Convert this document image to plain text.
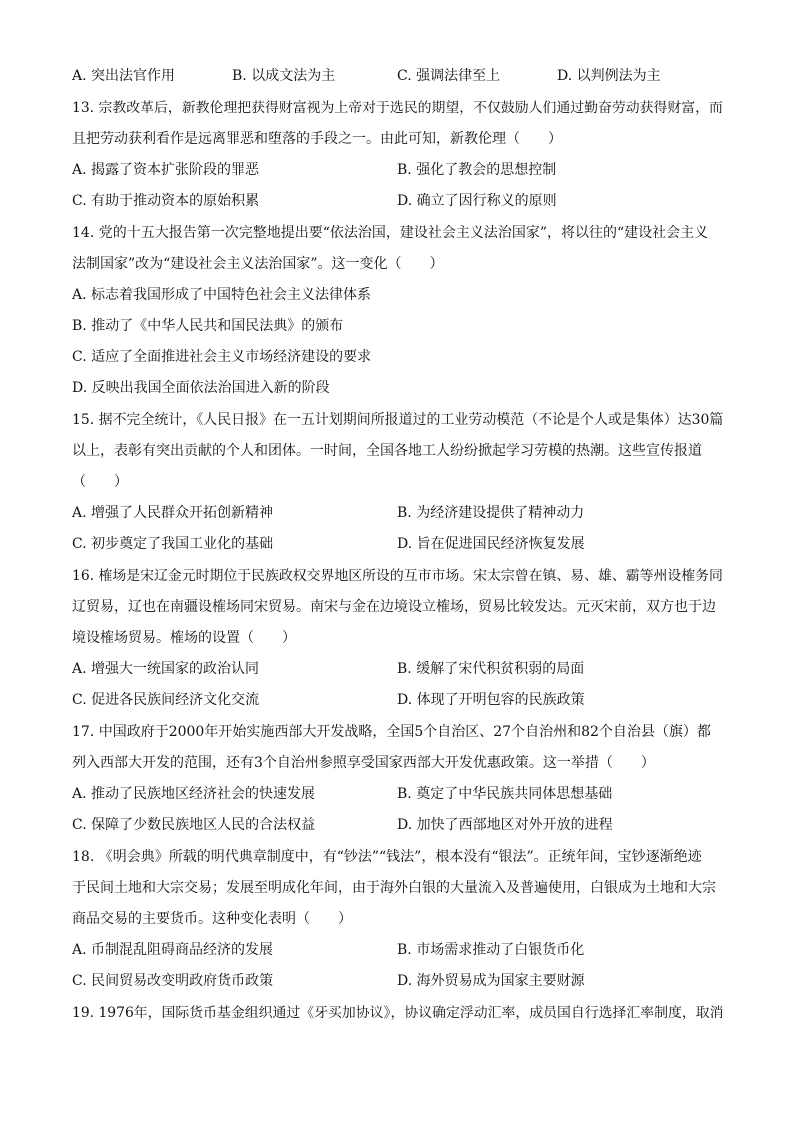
A. 突出法官作用	B. 以成文法为主	C. 强调法律至上	D. 以判例法为主
13. 宗教改革后，新教伦理把获得财富视为上帝对于选民的期望，不仅鼓励人们通过勤奋劳动获得财富，而
且把劳动获利看作是远离罪恶和堕落的手段之一。由此可知，新教伦理（　　）
A. 揭露了资本扩张阶段的罪恶	B. 强化了教会的思想控制
C. 有助于推动资本的原始积累	D. 确立了因行称义的原则
14. 党的十五大报告第一次完整地提出要“依法治国，建设社会主义法治国家”，将以往的“建设社会主义
法制国家”改为“建设社会主义法治国家”。这一变化（　　）
A. 标志着我国形成了中国特色社会主义法律体系
B. 推动了《中华人民共和国民法典》的颁布
C. 适应了全面推进社会主义市场经济建设的要求
D. 反映出我国全面依法治国进入新的阶段
15. 据不完全统计，《人民日报》在一五计划期间所报道过的工业劳动模范（不论是个人或是集体）达30篇
以上，表彰有突出贡献的个人和团体。一时间，全国各地工人纷纷掀起学习劳模的热潮。这些宣传报道
（　　）
A. 增强了人民群众开拓创新精神	B. 为经济建设提供了精神动力
C. 初步奠定了我国工业化的基础	D. 旨在促进国民经济恢复发展
16. 榷场是宋辽金元时期位于民族政权交界地区所设的互市市场。宋太宗曾在镇、易、雄、霸等州设榷务同
辽贸易，辽也在南疆设榷场同宋贸易。南宋与金在边境设立榷场，贸易比较发达。元灭宋前，双方也于边
境设榷场贸易。榷场的设置（　　）
A. 增强大一统国家的政治认同	B. 缓解了宋代积贫积弱的局面
C. 促进各民族间经济文化交流	D. 体现了开明包容的民族政策
17. 中国政府于2000年开始实施西部大开发战略，全国5个自治区、27个自治州和82个自治县（旗）都
列入西部大开发的范围，还有3个自治州参照享受国家西部大开发优惠政策。这一举措（　　）
A. 推动了民族地区经济社会的快速发展	B. 奠定了中华民族共同体思想基础
C. 保障了少数民族地区人民的合法权益	D. 加快了西部地区对外开放的进程
18. 《明会典》所载的明代典章制度中，有“钞法”“钱法”，根本没有“银法”。正统年间，宝钞逐渐绝迹
于民间土地和大宗交易；发展至明成化年间，由于海外白银的大量流入及普遍使用，白银成为土地和大宗
商品交易的主要货币。这种变化表明（　　）
A. 币制混乱阻碍商品经济的发展	B. 市场需求推动了白银货币化
C. 民间贸易改变明政府货币政策	D. 海外贸易成为国家主要财源
19. 1976年，国际货币基金组织通过《牙买加协议》，协议确定浮动汇率，成员国自行选择汇率制度，取消
